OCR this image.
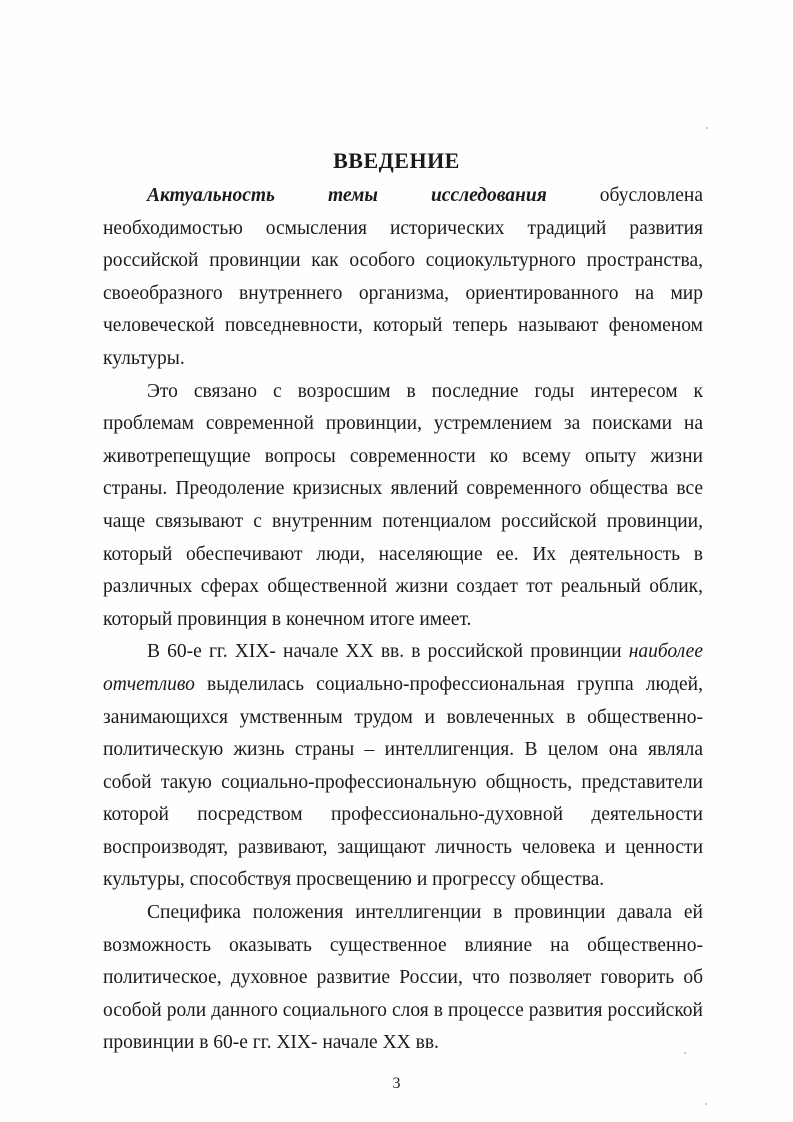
ВВЕДЕНИЕ

Актуальность темы исследования обусловлена необходимостью осмысления исторических традиций развития российской провинции как особого социокультурного пространства, своеобразного внутреннего организма, ориентированного на мир человеческой повседневности, который теперь называют феноменом культуры.

Это связано с возросшим в последние годы интересом к проблемам современной провинции, устремлением за поисками на животрепещущие вопросы современности ко всему опыту жизни страны. Преодоление кризисных явлений современного общества все чаще связывают с внутренним потенциалом российской провинции, который обеспечивают люди, населяющие ее. Их деятельность в различных сферах общественной жизни создает тот реальный облик, который провинция в конечном итоге имеет.

В 60-е гг. XIX- начале XX вв. в российской провинции наиболее отчетливо выделилась социально-профессиональная группа людей, занимающихся умственным трудом и вовлеченных в общественно-политическую жизнь страны – интеллигенция. В целом она являла собой такую социально-профессиональную общность, представители которой посредством профессионально-духовной деятельности воспроизводят, развивают, защищают личность человека и ценности культуры, способствуя просвещению и прогрессу общества.

Специфика положения интеллигенции в провинции давала ей возможность оказывать существенное влияние на общественно-политическое, духовное развитие России, что позволяет говорить об особой роли данного социального слоя в процессе развития российской провинции в 60-е гг. XIX- начале XX вв.

3
